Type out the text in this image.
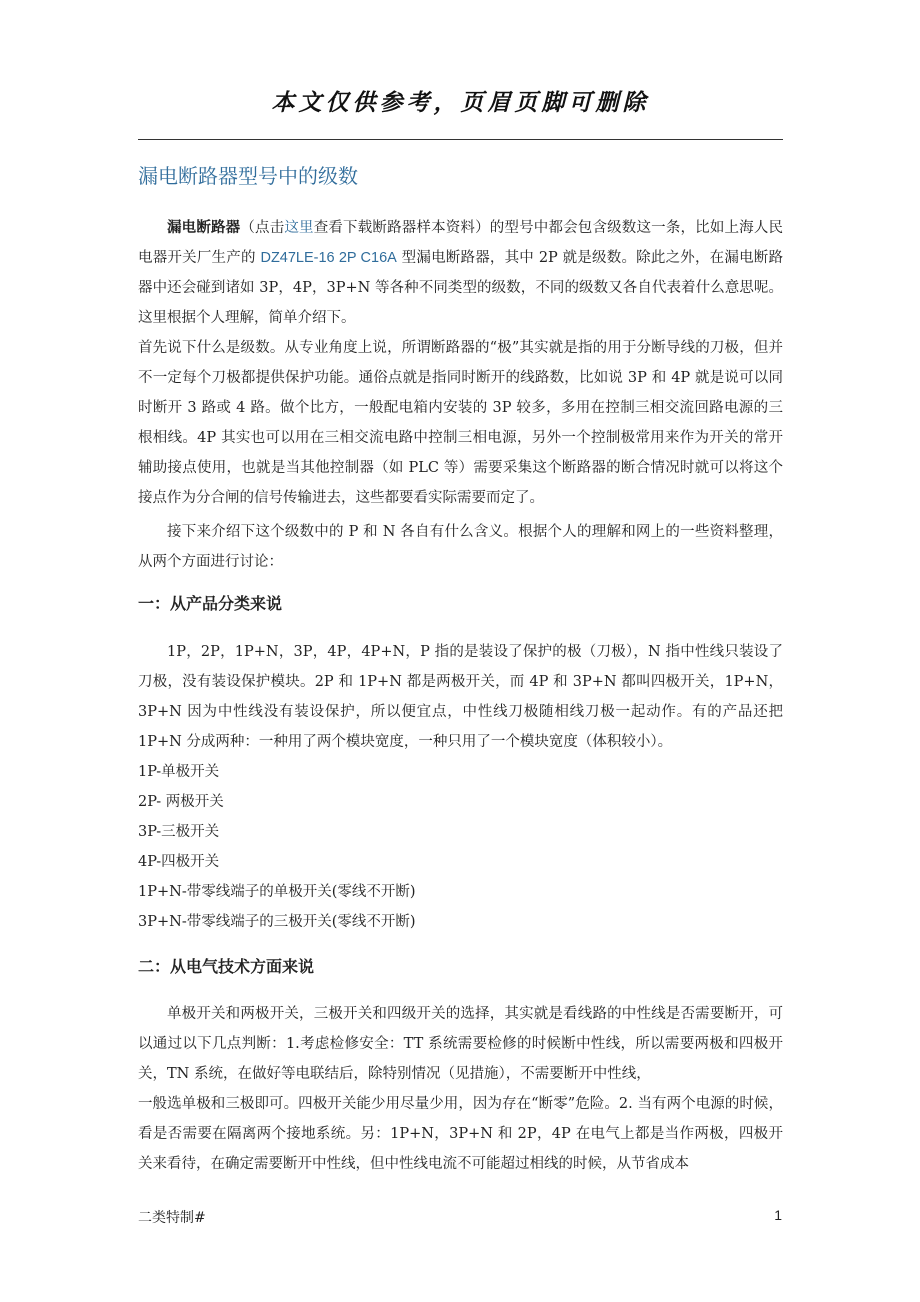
本文仅供参考，页眉页脚可删除
漏电断路器型号中的级数

漏电断路器（点击这里查看下载断路器样本资料）的型号中都会包含级数这一条，比如上海人民电器开关厂生产的 DZ47LE-16 2P C16A 型漏电断路器，其中 2P 就是级数。除此之外，在漏电断路器中还会碰到诸如 3P，4P，3P+N 等各种不同类型的级数，不同的级数又各自代表着什么意思呢。这里根据个人理解，简单介绍下。

首先说下什么是级数。从专业角度上说，所谓断路器的“极”其实就是指的用于分断导线的刀极，但并不一定每个刀极都提供保护功能。通俗点就是指同时断开的线路数，比如说 3P 和 4P 就是说可以同时断开 3 路或 4 路。做个比方，一般配电箱内安装的 3P 较多，多用在控制三相交流回路电源的三根相线。4P 其实也可以用在三相交流电路中控制三相电源，另外一个控制极常用来作为开关的常开辅助接点使用，也就是当其他控制器（如 PLC 等）需要采集这个断路器的断合情况时就可以将这个接点作为分合闸的信号传输进去，这些都要看实际需要而定了。

接下来介绍下这个级数中的 P 和 N 各自有什么含义。根据个人的理解和网上的一些资料整理，从两个方面进行讨论：

一：从产品分类来说

1P，2P，1P+N，3P，4P，4P+N，P 指的是装设了保护的极（刀极），N 指中性线只装设了刀极，没有装设保护模块。2P 和 1P+N 都是两极开关，而 4P 和 3P+N 都叫四极开关，1P+N，3P+N 因为中性线没有装设保护，所以便宜点，中性线刀极随相线刀极一起动作。有的产品还把 1P+N 分成两种：一种用了两个模块宽度，一种只用了一个模块宽度（体积较小）。

1P-单极开关

2P- 两极开关

3P-三极开关

4P-四极开关

1P+N-带零线端子的单极开关(零线不开断)

3P+N-带零线端子的三极开关(零线不开断)

二：从电气技术方面来说

单极开关和两极开关，三极开关和四级开关的选择，其实就是看线路的中性线是否需要断开，可以通过以下几点判断：1.考虑检修安全：TT 系统需要检修的时候断中性线，所以需要两极和四极开关，TN 系统，在做好等电联结后，除特别情况（见措施），不需要断开中性线，

一般选单极和三极即可。四极开关能少用尽量少用，因为存在“断零”危险。2. 当有两个电源的时候，看是否需要在隔离两个接地系统。另：1P+N，3P+N 和 2P，4P 在电气上都是当作两极，四极开关来看待，在确定需要断开中性线，但中性线电流不可能超过相线的时候，从节省成本

二类特制#	1
